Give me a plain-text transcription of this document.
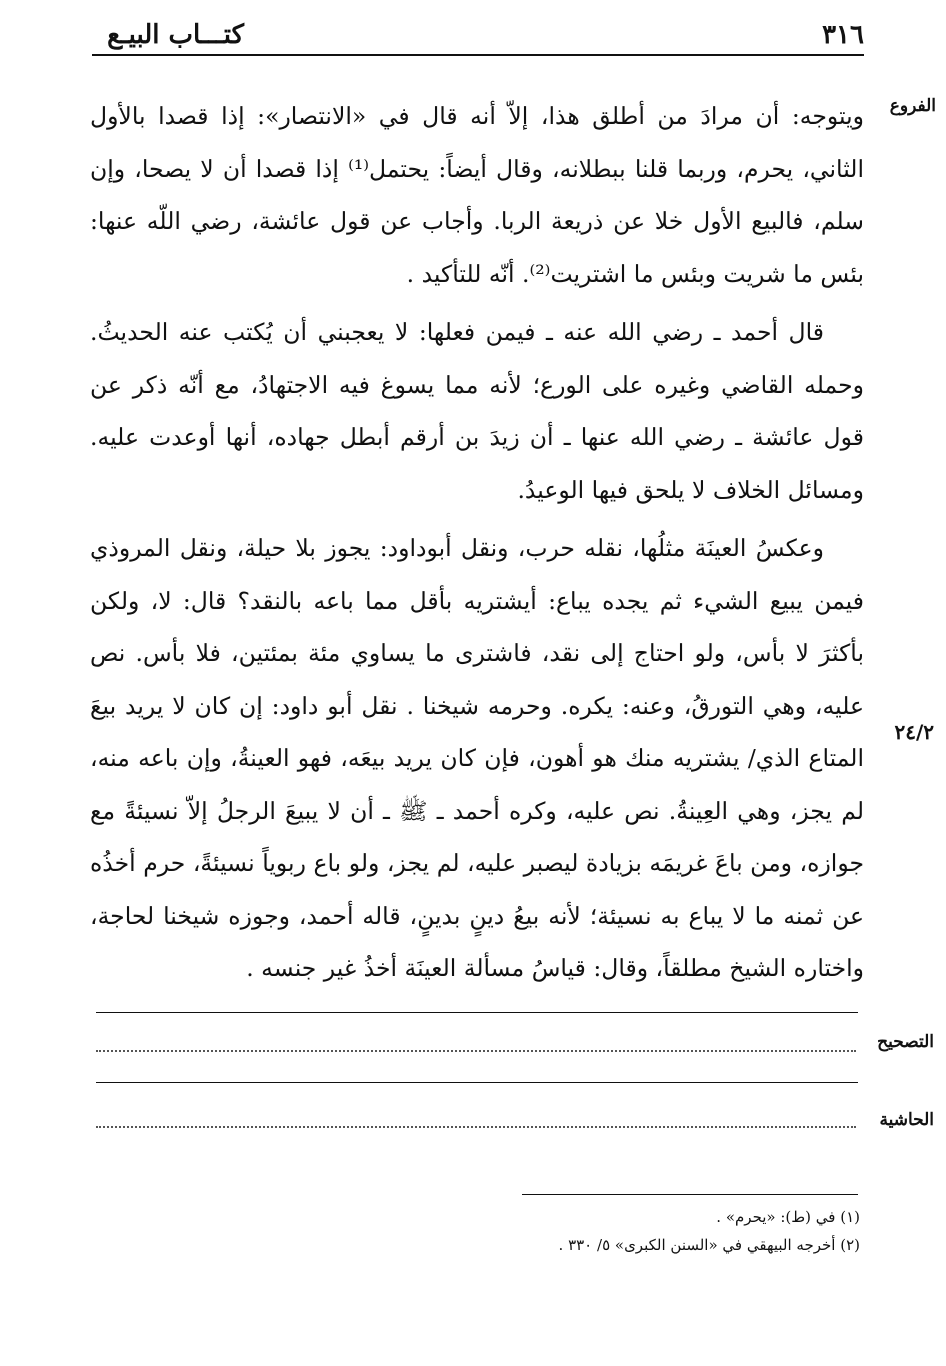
٣١٦
كتـــاب البيـع
الفروع
٢٤/٢

ويتوجه: أن مرادَ من أطلق هذا، إلاّ أنه قال في «الانتصار»: إذا قصدا بالأول الثاني، يحرم، وربما قلنا ببطلانه، وقال أيضاً: يحتمل⁽¹⁾ إذا قصدا أن لا يصحا، وإن سلم، فالبيع الأول خلا عن ذريعة الربا. وأجاب عن قول عائشة، رضي اللّه عنها: بئس ما شريت وبئس ما اشتريت⁽²⁾. أنّه للتأكيد .

قال أحمد ـ رضي الله عنه ـ فيمن فعلها: لا يعجبني أن يُكتب عنه الحديثُ. وحمله القاضي وغيره على الورع؛ لأنه مما يسوغ فيه الاجتهادُ، مع أنّه ذكر عن قول عائشة ـ رضي الله عنها ـ أن زيدَ بن أرقم أبطل جهاده، أنها أوعدت عليه. ومسائل الخلاف لا يلحق فيها الوعيدُ.

وعكسُ العينَة مثلُها، نقله حرب، ونقل أبوداود: يجوز بلا حيلة، ونقل المروذي فيمن يبيع الشيء ثم يجده يباع: أيشتريه بأقل مما باعه بالنقد؟ قال: لا، ولكن بأكثرَ لا بأس، ولو احتاج إلى نقد، فاشترى ما يساوي مئة بمئتين، فلا بأس. نص عليه، وهي التورقُ، وعنه: يكره. وحرمه شيخنا . نقل أبو داود: إن كان لا يريد بيعَ المتاع الذي/ يشتريه منك هو أهون، فإن كان يريد بيعَه، فهو العينةُ، وإن باعه منه، لم يجز، وهي العِينةُ. نص عليه، وكره أحمد ـ ﷺ ـ أن لا يبيعَ الرجلُ إلاّ نسيئةً مع جوازه، ومن باعَ غريمَه بزيادة ليصبر عليه، لم يجز، ولو باع ربوياً نسيئةً، حرم أخذُه عن ثمنه ما لا يباع به نسيئة؛ لأنه بيعُ دينٍ بدينٍ، قاله أحمد، وجوزه شيخنا لحاجة، واختاره الشيخ مطلقاً، وقال: قياسُ مسألة العينَة أخذُ غير جنسه .

التصحيح
الحاشية
(١) في (ط): «يحرم» .
(٢) أخرجه البيهقي في «السنن الكبرى» ٥/ ٣٣٠ .
